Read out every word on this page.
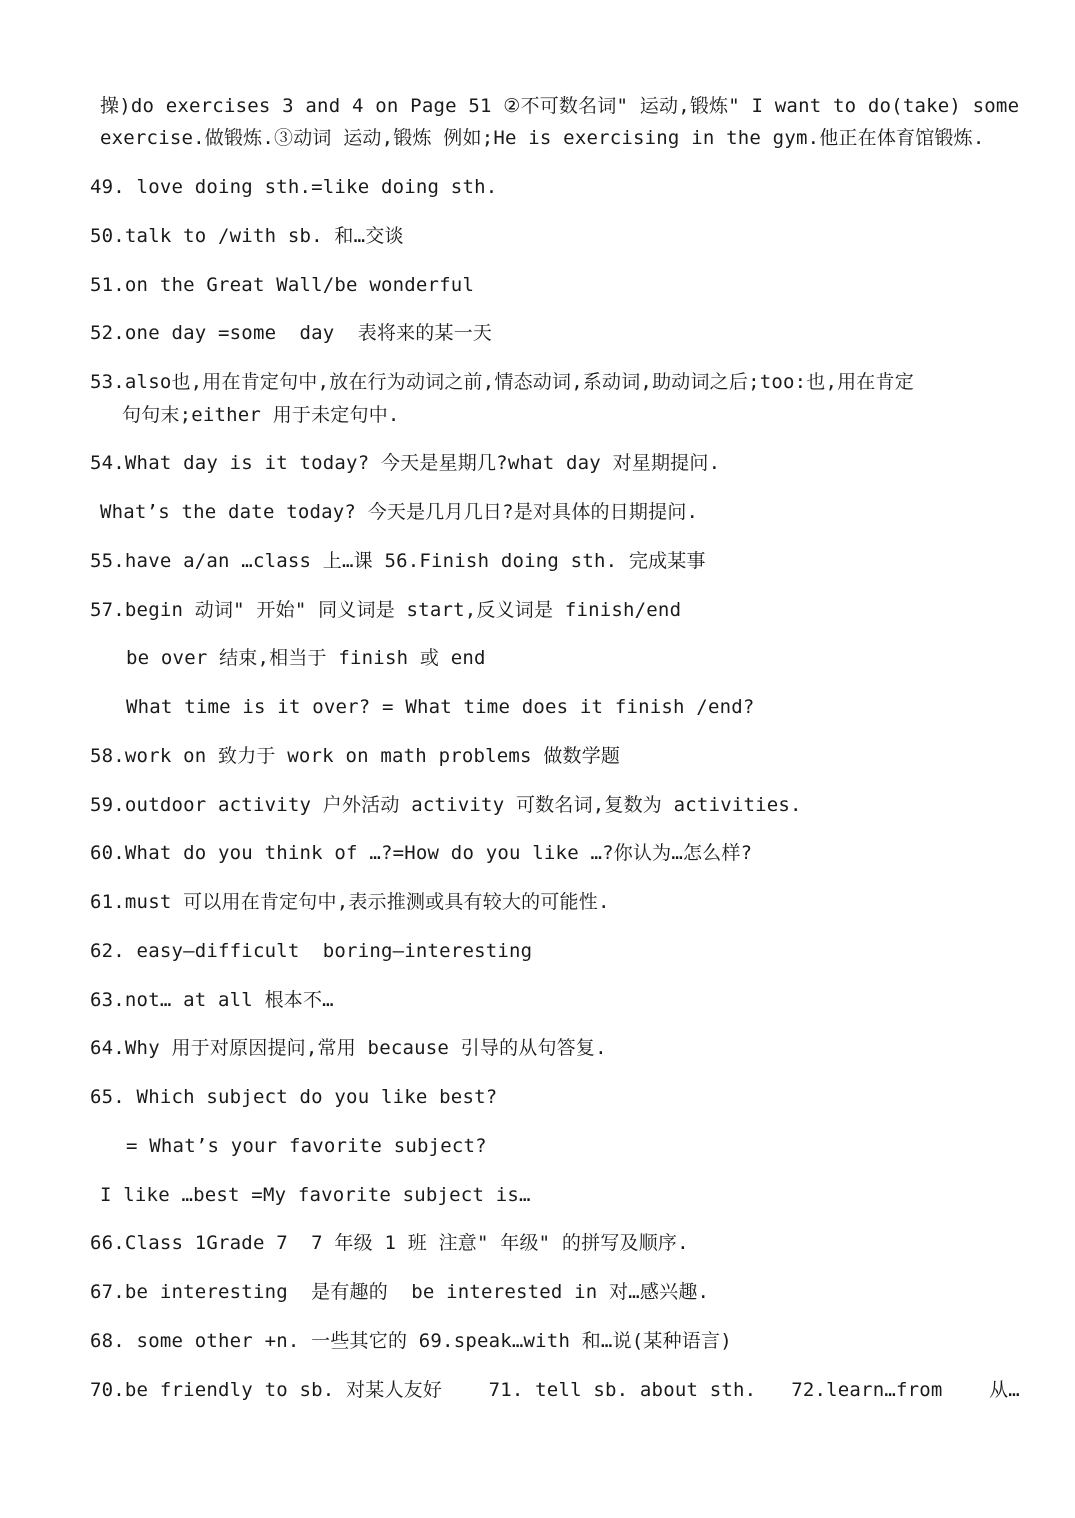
操)do exercises 3 and 4 on Page 51 ②不可数名词" 运动,锻炼" I want to do(take) some
exercise.做锻炼.③动词 运动,锻炼 例如;He is exercising in the gym.他正在体育馆锻炼.
49. love doing sth.=like doing sth.
50.talk to /with sb. 和…交谈
51.on the Great Wall/be wonderful
52.one day =some  day  表将来的某一天
53.also也,用在肯定句中,放在行为动词之前,情态动词,系动词,助动词之后;too:也,用在肯定
句句末;either 用于未定句中.
54.What day is it today? 今天是星期几?what day 对星期提问.
What’s the date today? 今天是几月几日?是对具体的日期提问.
55.have a/an …class 上…课 56.Finish doing sth. 完成某事
57.begin 动词" 开始" 同义词是 start,反义词是 finish/end
be over 结束,相当于 finish 或 end
What time is it over? = What time does it finish /end?
58.work on 致力于 work on math problems 做数学题
59.outdoor activity 户外活动 activity 可数名词,复数为 activities.
60.What do you think of …?=How do you like …?你认为…怎么样?
61.must 可以用在肯定句中,表示推测或具有较大的可能性.
62. easy—difficult  boring—interesting
63.not… at all 根本不…
64.Why 用于对原因提问,常用 because 引导的从句答复.
65. Which subject do you like best?
= What’s your favorite subject?
I like …best =My favorite subject is…
66.Class 1Grade 7  7 年级 1 班 注意" 年级" 的拼写及顺序.
67.be interesting  是有趣的  be interested in 对…感兴趣.
68. some other +n. 一些其它的 69.speak…with 和…说(某种语言)
70.be friendly to sb. 对某人友好    71. tell sb. about sth.   72.learn…from    从…
